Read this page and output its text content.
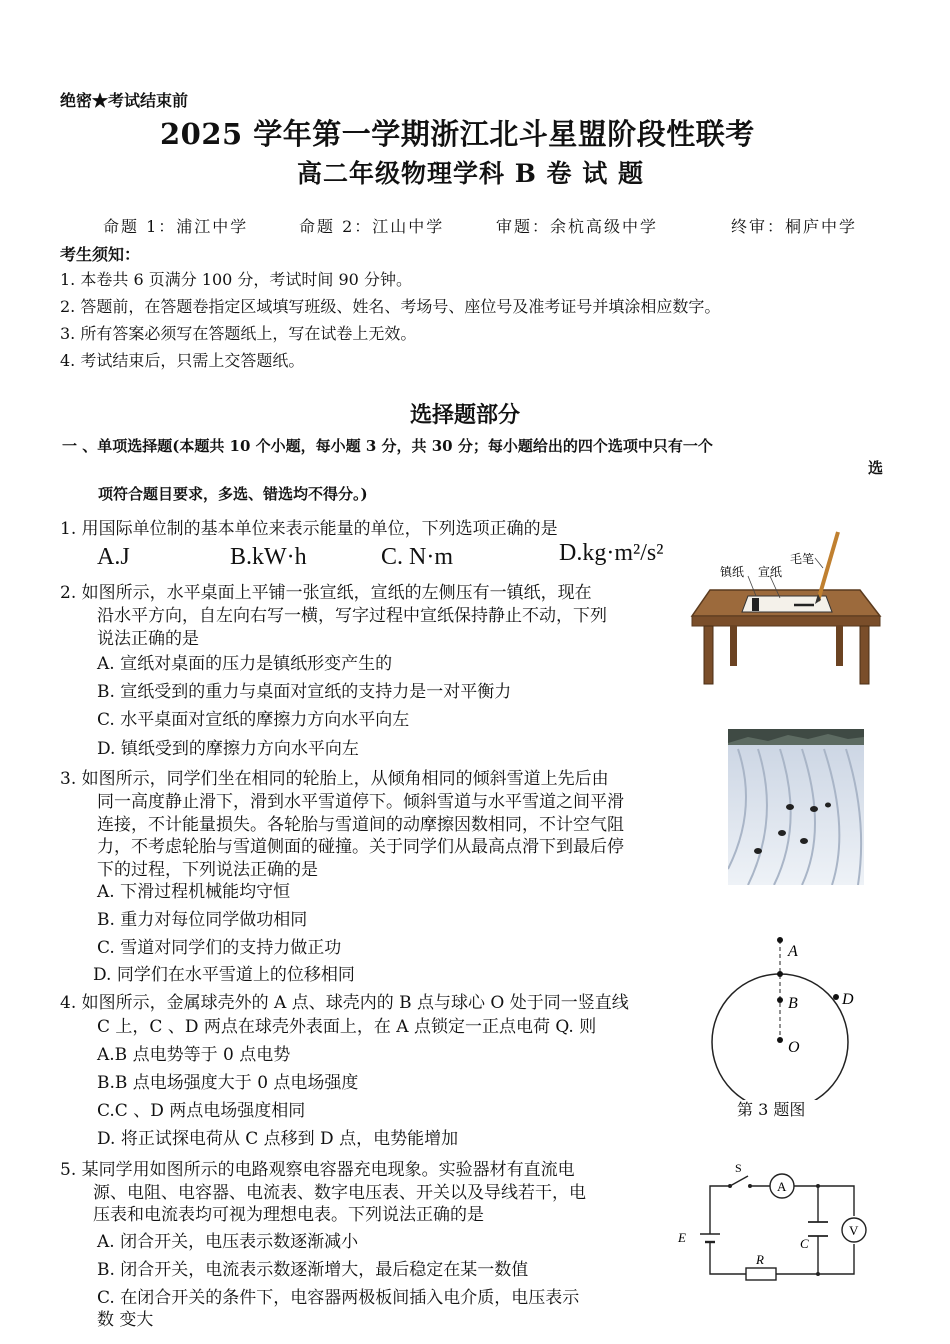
绝密★考试结束前
2025 学年第一学期浙江北斗星盟阶段性联考
高二年级物理学科 B 卷 试 题
命题 1：浦江中学	命题 2：江山中学	审题：余杭高级中学	终审：桐庐中学
考生须知：
1. 本卷共 6 页满分 100 分，考试时间 90 分钟。
2. 答题前，在答题卷指定区域填写班级、姓名、考场号、座位号及准考证号并填涂相应数字。
3. 所有答案必须写在答题纸上，写在试卷上无效。
4. 考试结束后，只需上交答题纸。
选择题部分
一 、单项选择题(本题共 10 个小题，每小题 3 分，共 30 分；每小题给出的四个选项中只有一个
选
项符合题目要求，多选、错选均不得分。)
1. 用国际单位制的基本单位来表示能量的单位，下列选项正确的是
A.J	B.kW·h	C. N·m	D.kg·m²/s²
2. 如图所示，水平桌面上平铺一张宣纸，宣纸的左侧压有一镇纸，现在
沿水平方向，自左向右写一横，写字过程中宣纸保持静止不动，下列
说法正确的是
A. 宣纸对桌面的压力是镇纸形变产生的
B. 宣纸受到的重力与桌面对宣纸的支持力是一对平衡力
C. 水平桌面对宣纸的摩擦力方向水平向左
D. 镇纸受到的摩擦力方向水平向左
镇纸 宣纸
毛笔
3. 如图所示，同学们坐在相同的轮胎上，从倾角相同的倾斜雪道上先后由
同一高度静止滑下，滑到水平雪道停下。倾斜雪道与水平雪道之间平滑
连接，不计能量损失。各轮胎与雪道间的动摩擦因数相同，不计空气阻
力，不考虑轮胎与雪道侧面的碰撞。关于同学们从最高点滑下到最后停
下的过程，下列说法正确的是
A. 下滑过程机械能均守恒
B. 重力对每位同学做功相同
C. 雪道对同学们的支持力做正功
D. 同学们在水平雪道上的位移相同
4. 如图所示，金属球壳外的 A 点、球壳内的 B 点与球心 O 处于同一竖直线
C 上，C 、D 两点在球壳外表面上，在 A 点锁定一正点电荷 Q. 则
A.B 点电势等于 0 点电势
B.B 点电场强度大于 0 点电场强度
C.C 、D 两点电场强度相同
D. 将正试探电荷从 C 点移到 D 点，电势能增加
A
B
O
D
第 3 题图
5. 某同学用如图所示的电路观察电容器充电现象。实验器材有直流电
源、电阻、电容器、电流表、数字电压表、开关以及导线若干，电
压表和电流表均可视为理想电表。下列说法正确的是
A. 闭合开关，电压表示数逐渐减小
B. 闭合开关，电流表示数逐渐增大，最后稳定在某一数值
C. 在闭合开关的条件下，电容器两极板间插入电介质，电压表示
数 变大
S
A
V
E	C
R
